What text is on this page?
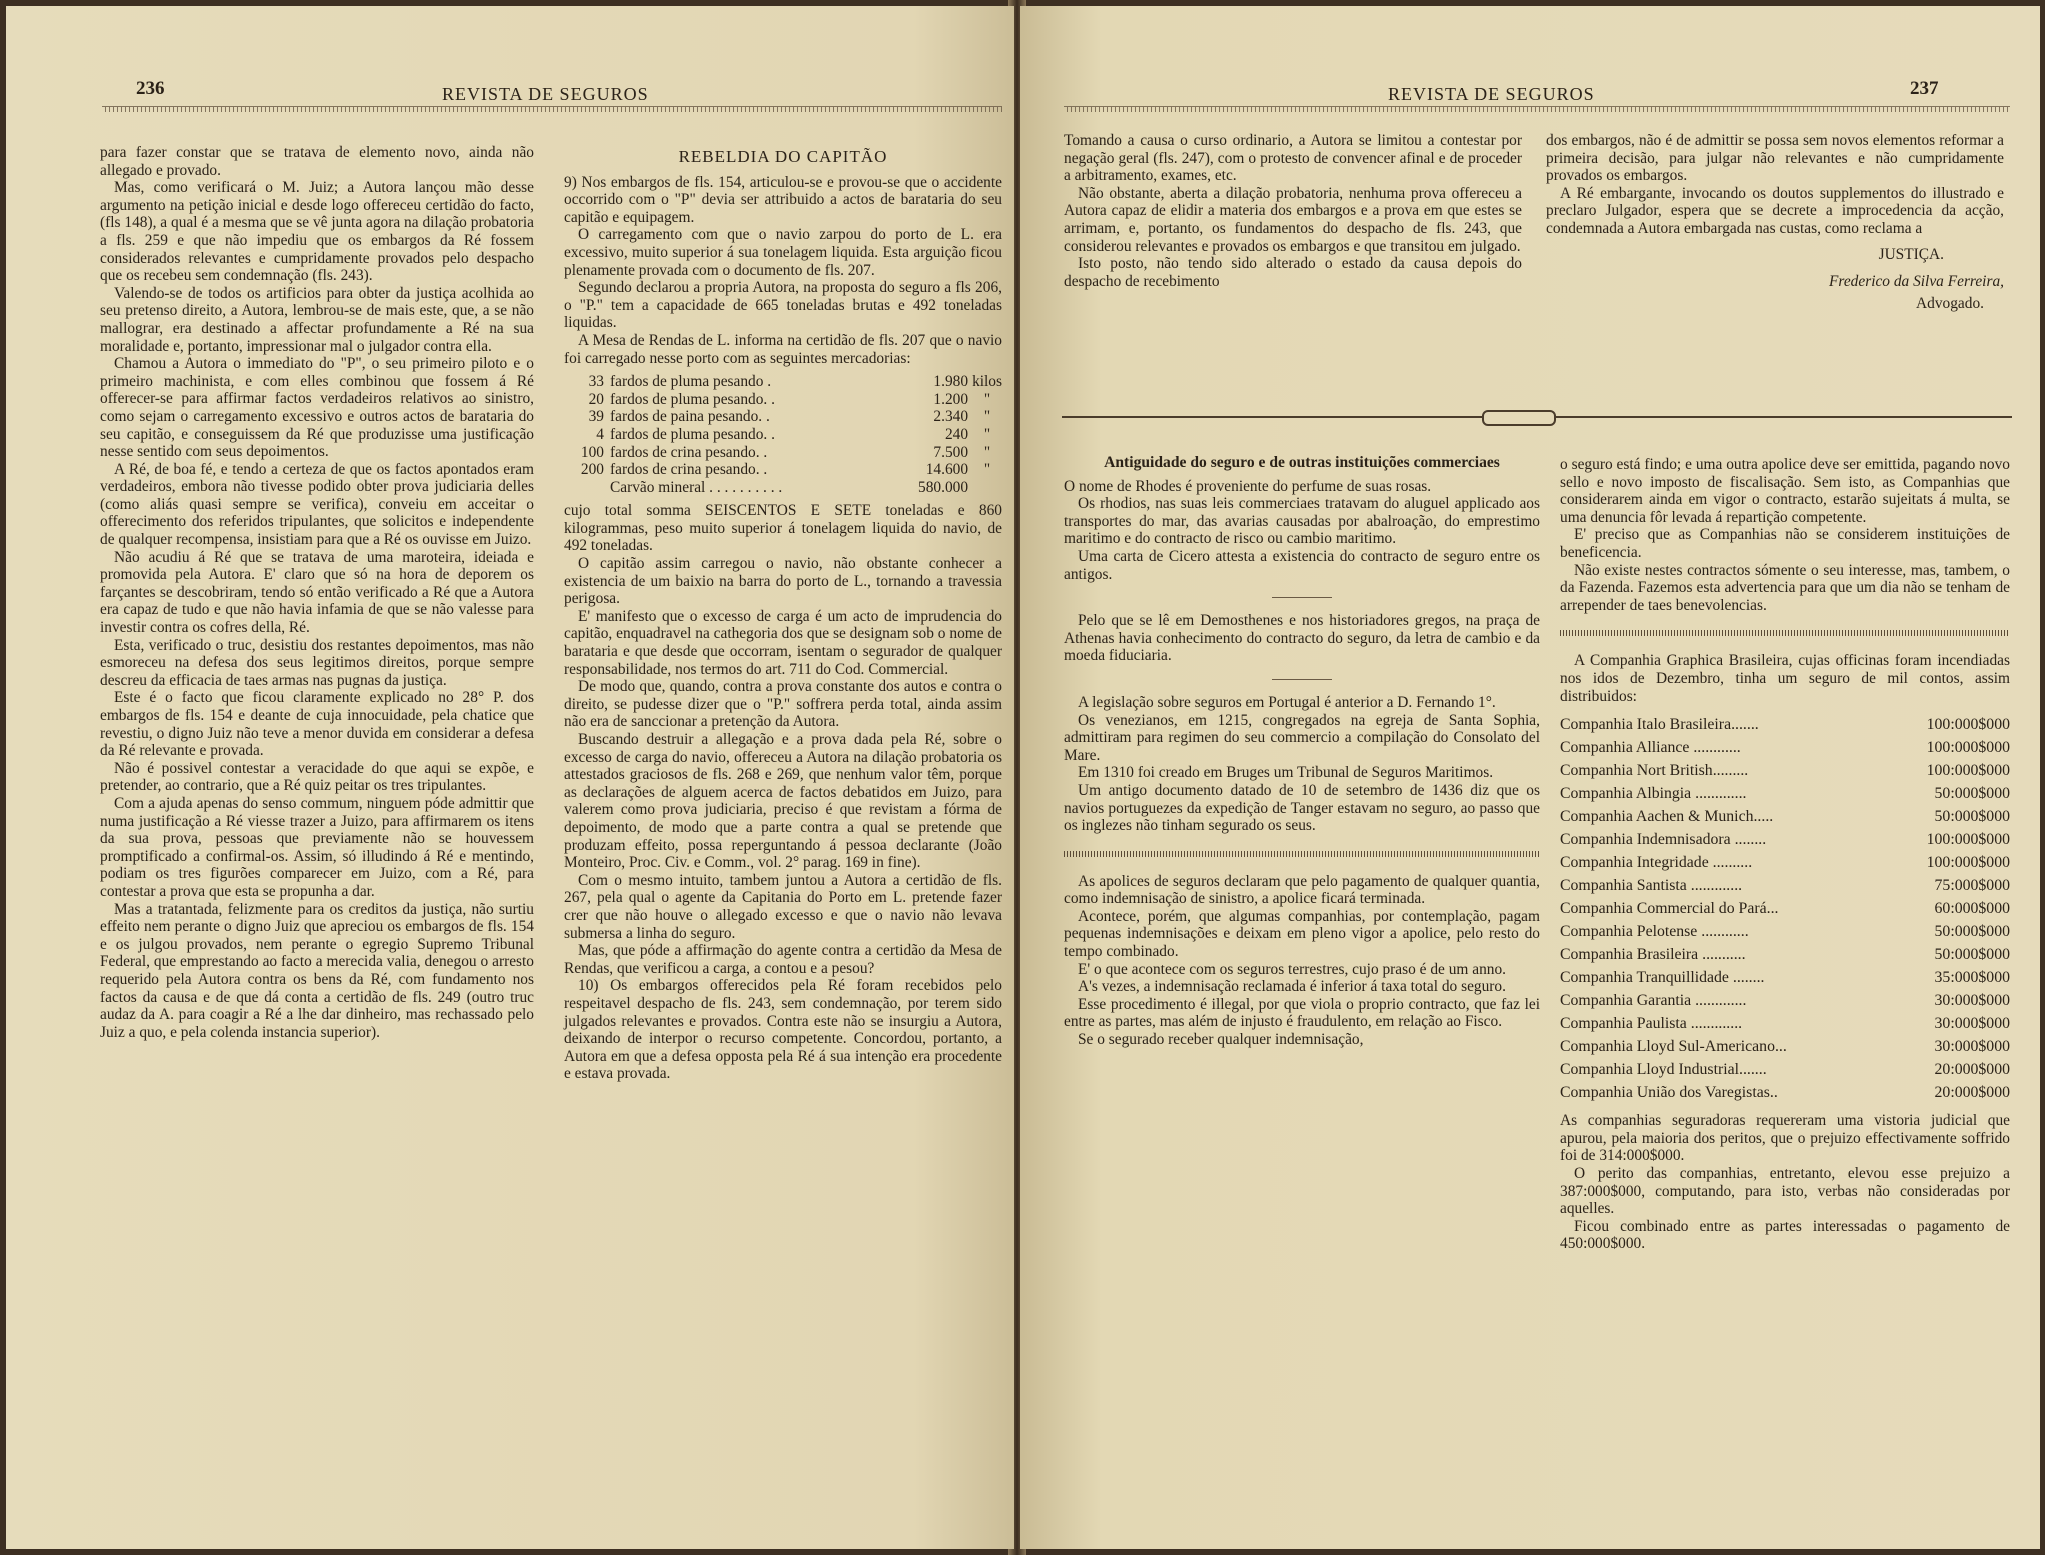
236	REVISTA DE SEGUROS

para fazer constar que se tratava de elemento novo, ainda não allegado e provado.

Mas, como verificará o M. Juiz; a Autora lançou mão desse argumento na petição inicial e desde logo offereceu certidão do facto, (fls 148), a qual é a mesma que se vê junta agora na dilação probatoria a fls. 259 e que não impediu que os embargos da Ré fossem considerados relevantes e cumpridamente provados pelo despacho que os recebeu sem condemnação (fls. 243).

Valendo-se de todos os artificios para obter da justiça acolhida ao seu pretenso direito, a Autora, lembrou-se de mais este, que, a se não mallograr, era destinado a affectar profundamente a Ré na sua moralidade e, portanto, impressionar mal o julgador contra ella.

Chamou a Autora o immediato do "P", o seu primeiro piloto e o primeiro machinista, e com elles combinou que fossem á Ré offerecer-se para affirmar factos verdadeiros relativos ao sinistro, como sejam o carregamento excessivo e outros actos de barataria do seu capitão, e conseguissem da Ré que produzisse uma justificação nesse sentido com seus depoimentos.

A Ré, de boa fé, e tendo a certeza de que os factos apontados eram verdadeiros, embora não tivesse podido obter prova judiciaria delles (como aliás quasi sempre se verifica), conveiu em acceitar o offerecimento dos referidos tripulantes, que solicitos e independente de qualquer recompensa, insistiam para que a Ré os ouvisse em Juizo.

Não acudiu á Ré que se tratava de uma maroteira, ideiada e promovida pela Autora. E' claro que só na hora de deporem os farçantes se descobriram, tendo só então verificado a Ré que a Autora era capaz de tudo e que não havia infamia de que se não valesse para investir contra os cofres della, Ré.

Esta, verificado o truc, desistiu dos restantes depoimentos, mas não esmoreceu na defesa dos seus legitimos direitos, porque sempre descreu da efficacia de taes armas nas pugnas da justiça.

Este é o facto que ficou claramente explicado no 28° P. dos embargos de fls. 154 e deante de cuja innocuidade, pela chatice que revestiu, o digno Juiz não teve a menor duvida em considerar a defesa da Ré relevante e provada.

Não é possivel contestar a veracidade do que aqui se expõe, e pretender, ao contrario, que a Ré quiz peitar os tres tripulantes.

Com a ajuda apenas do senso commum, ninguem póde admittir que numa justificação a Ré viesse trazer a Juizo, para affirmarem os itens da sua prova, pessoas que previamente não se houvessem promptificado a confirmal-os. Assim, só illudindo á Ré e mentindo, podiam os tres figurões comparecer em Juizo, com a Ré, para contestar a prova que esta se propunha a dar.

Mas a tratantada, felizmente para os creditos da justiça, não surtiu effeito nem perante o digno Juiz que apreciou os embargos de fls. 154 e os julgou provados, nem perante o egregio Supremo Tribunal Federal, que emprestando ao facto a merecida valia, denegou o arresto requerido pela Autora contra os bens da Ré, com fundamento nos factos da causa e de que dá conta a certidão de fls. 249 (outro truc audaz da A. para coagir a Ré a lhe dar dinheiro, mas rechassado pelo Juiz a quo, e pela colenda instancia superior).

REBELDIA DO CAPITÃO

9) Nos embargos de fls. 154, articulou-se e provou-se que o accidente occorrido com o "P" devia ser attribuido a actos de barataria do seu capitão e equipagem.

O carregamento com que o navio zarpou do porto de L. era excessivo, muito superior á sua tonelagem liquida. Esta arguição ficou plenamente provada com o documento de fls. 207.

Segundo declarou a propria Autora, na proposta do seguro a fls 206, o "P." tem a capacidade de 665 toneladas brutas e 492 toneladas liquidas.

A Mesa de Rendas de L. informa na certidão de fls. 207 que o navio foi carregado nesse porto com as seguintes mercadorias:

33	fardos de pluma pesando .	1.980	kilos
20	fardos de pluma pesando. .	1.200	"
39	fardos de paina pesando. .	2.340	"
4	fardos de pluma pesando. .	240	"
100	fardos de crina pesando. .	7.500	"
200	fardos de crina pesando. .	14.600	"
	Carvão mineral . . . . . . . . . .	580.000	

cujo total somma SEISCENTOS E SETE toneladas e 860 kilogrammas, peso muito superior á tonelagem liquida do navio, de 492 toneladas.

O capitão assim carregou o navio, não obstante conhecer a existencia de um baixio na barra do porto de L., tornando a travessia perigosa.

E' manifesto que o excesso de carga é um acto de imprudencia do capitão, enquadravel na cathegoria dos que se designam sob o nome de barataria e que desde que occorram, isentam o segurador de qualquer responsabilidade, nos termos do art. 711 do Cod. Commercial.

De modo que, quando, contra a prova constante dos autos e contra o direito, se pudesse dizer que o "P." soffrera perda total, ainda assim não era de sanccionar a pretenção da Autora.

Buscando destruir a allegação e a prova dada pela Ré, sobre o excesso de carga do navio, offereceu a Autora na dilação probatoria os attestados graciosos de fls. 268 e 269, que nenhum valor têm, porque as declarações de alguem acerca de factos debatidos em Juizo, para valerem como prova judiciaria, preciso é que revistam a fórma de depoimento, de modo que a parte contra a qual se pretende que produzam effeito, possa reperguntando á pessoa declarante (João Monteiro, Proc. Civ. e Comm., vol. 2° parag. 169 in fine).

Com o mesmo intuito, tambem juntou a Autora a certidão de fls. 267, pela qual o agente da Capitania do Porto em L. pretende fazer crer que não houve o allegado excesso e que o navio não levava submersa a linha do seguro.

Mas, que póde a affirmação do agente contra a certidão da Mesa de Rendas, que verificou a carga, a contou e a pesou?

10) Os embargos offerecidos pela Ré foram recebidos pelo respeitavel despacho de fls. 243, sem condemnação, por terem sido julgados relevantes e provados. Contra este não se insurgiu a Autora, deixando de interpor o recurso competente. Concordou, portanto, a Autora em que a defesa opposta pela Ré á sua intenção era procedente e estava provada.

REVISTA DE SEGUROS	237

Tomando a causa o curso ordinario, a Autora se limitou a contestar por negação geral (fls. 247), com o protesto de convencer afinal e de proceder a arbitramento, exames, etc.

Não obstante, aberta a dilação probatoria, nenhuma prova offereceu a Autora capaz de elidir a materia dos embargos e a prova em que estes se arrimam, e, portanto, os fundamentos do despacho de fls. 243, que considerou relevantes e provados os embargos e que transitou em julgado.

Isto posto, não tendo sido alterado o estado da causa depois do despacho de recebimento

dos embargos, não é de admittir se possa sem novos elementos reformar a primeira decisão, para julgar não relevantes e não cumpridamente provados os embargos.

A Ré embargante, invocando os doutos supplementos do illustrado e preclaro Julgador, espera que se decrete a improcedencia da acção, condemnada a Autora embargada nas custas, como reclama a

JUSTIÇA.

Frederico da Silva Ferreira,

Advogado.

Antiguidade do seguro e de outras instituições commerciaes

O nome de Rhodes é proveniente do perfume de suas rosas.

Os rhodios, nas suas leis commerciaes tratavam do aluguel applicado aos transportes do mar, das avarias causadas por abalroação, do emprestimo maritimo e do contracto de risco ou cambio maritimo.

Uma carta de Cicero attesta a existencia do contracto de seguro entre os antigos.

Pelo que se lê em Demosthenes e nos historiadores gregos, na praça de Athenas havia conhecimento do contracto do seguro, da letra de cambio e da moeda fiduciaria.

A legislação sobre seguros em Portugal é anterior a D. Fernando 1°.

Os venezianos, em 1215, congregados na egreja de Santa Sophia, admittiram para regimen do seu commercio a compilação do Consolato del Mare.

Em 1310 foi creado em Bruges um Tribunal de Seguros Maritimos.

Um antigo documento datado de 10 de setembro de 1436 diz que os navios portuguezes da expedição de Tanger estavam no seguro, ao passo que os inglezes não tinham segurado os seus.

As apolices de seguros declaram que pelo pagamento de qualquer quantia, como indemnisação de sinistro, a apolice ficará terminada.

Acontece, porém, que algumas companhias, por contemplação, pagam pequenas indemnisações e deixam em pleno vigor a apolice, pelo resto do tempo combinado.

E' o que acontece com os seguros terrestres, cujo praso é de um anno.

A's vezes, a indemnisação reclamada é inferior á taxa total do seguro.

Esse procedimento é illegal, por que viola o proprio contracto, que faz lei entre as partes, mas além de injusto é fraudulento, em relação ao Fisco.

Se o segurado receber qualquer indemnisação,

o seguro está findo; e uma outra apolice deve ser emittida, pagando novo sello e novo imposto de fiscalisação. Sem isto, as Companhias que considerarem ainda em vigor o contracto, estarão sujeitats á multa, se uma denuncia fôr levada á repartição competente.

E' preciso que as Companhias não se considerem instituições de beneficencia.

Não existe nestes contractos sómente o seu interesse, mas, tambem, o da Fazenda. Fazemos esta advertencia para que um dia não se tenham de arrepender de taes benevolencias.

A Companhia Graphica Brasileira, cujas officinas foram incendiadas nos idos de Dezembro, tinha um seguro de mil contos, assim distribuidos:

Companhia Italo Brasileira.......	100:000$000
Companhia Alliance ............	100:000$000
Companhia Nort British.........	100:000$000
Companhia Albingia .............	50:000$000
Companhia Aachen & Munich.....	50:000$000
Companhia Indemnisadora ........	100:000$000
Companhia Integridade ..........	100:000$000
Companhia Santista .............	75:000$000
Companhia Commercial do Pará...	60:000$000
Companhia Pelotense ............	50:000$000
Companhia Brasileira ...........	50:000$000
Companhia Tranquillidade ........	35:000$000
Companhia Garantia .............	30:000$000
Companhia Paulista .............	30:000$000
Companhia Lloyd Sul-Americano...	30:000$000
Companhia Lloyd Industrial.......	20:000$000
Companhia União dos Varegistas..	20:000$000

As companhias seguradoras requereram uma vistoria judicial que apurou, pela maioria dos peritos, que o prejuizo effectivamente soffrido foi de 314:000$000.

O perito das companhias, entretanto, elevou esse prejuizo a 387:000$000, computando, para isto, verbas não consideradas por aquelles.

Ficou combinado entre as partes interessadas o pagamento de 450:000$000.
